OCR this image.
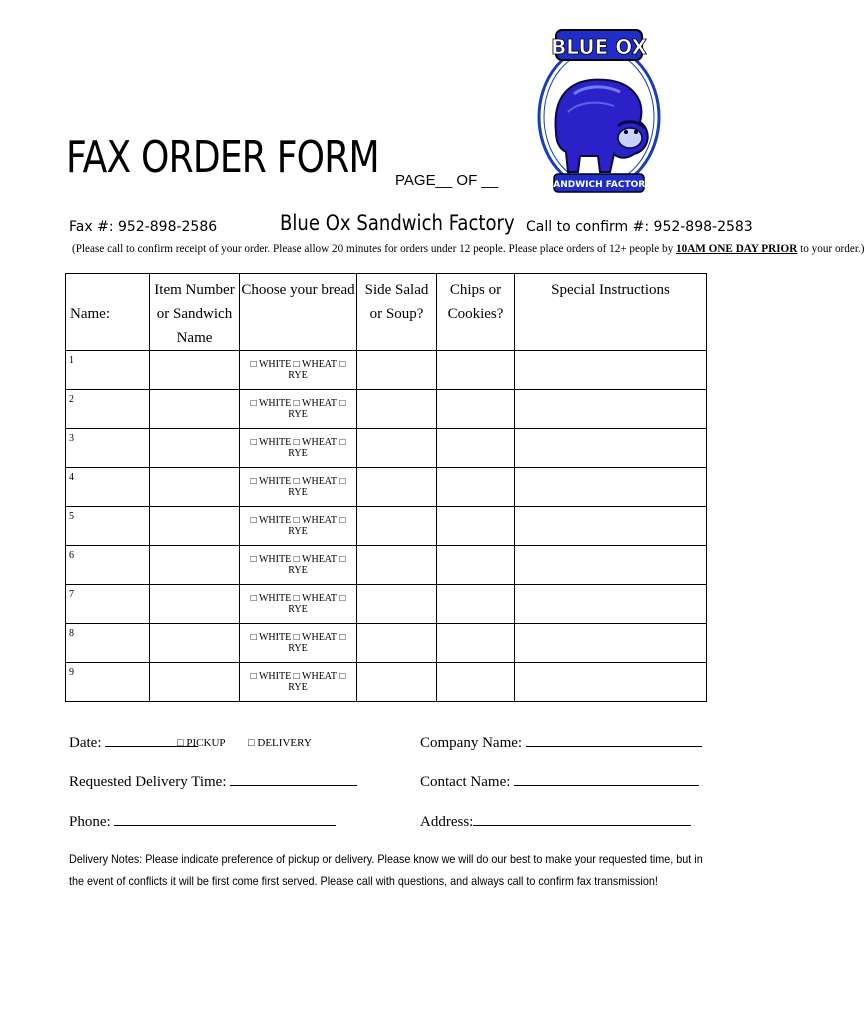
FAX ORDER FORM PAGE__ OF __
Fax #: 952-898-2586	Blue Ox Sandwich Factory Call to confirm #: 952-898-2583
(Please call to confirm receipt of your order. Please allow 20 minutes for orders under 12 people. Please place orders of 12+ people by 10AM ONE DAY PRIOR to your order.)
BLUE OX
SANDWICH FACTORY
Name:	Item Number or Sandwich Name	Choose your bread	Side Salad or Soup?	Chips or Cookies?	Special Instructions
1		□ WHITE □ WHEAT □ RYE			
2		□ WHITE □ WHEAT □ RYE			
3		□ WHITE □ WHEAT □ RYE			
4		□ WHITE □ WHEAT □ RYE			
5		□ WHITE □ WHEAT □ RYE			
6		□ WHITE □ WHEAT □ RYE			
7		□ WHITE □ WHEAT □ RYE			
8		□ WHITE □ WHEAT □ RYE			
9		□ WHITE □ WHEAT □ RYE			
Date:	□ PICKUP □ DELIVERY	Company Name:
Requested Delivery Time:	Contact Name:
Phone:	Address:
Delivery Notes: Please indicate preference of pickup or delivery. Please know we will do our best to make your requested time, but in the event of conflicts it will be first come first served. Please call with questions, and always call to confirm fax transmission!
